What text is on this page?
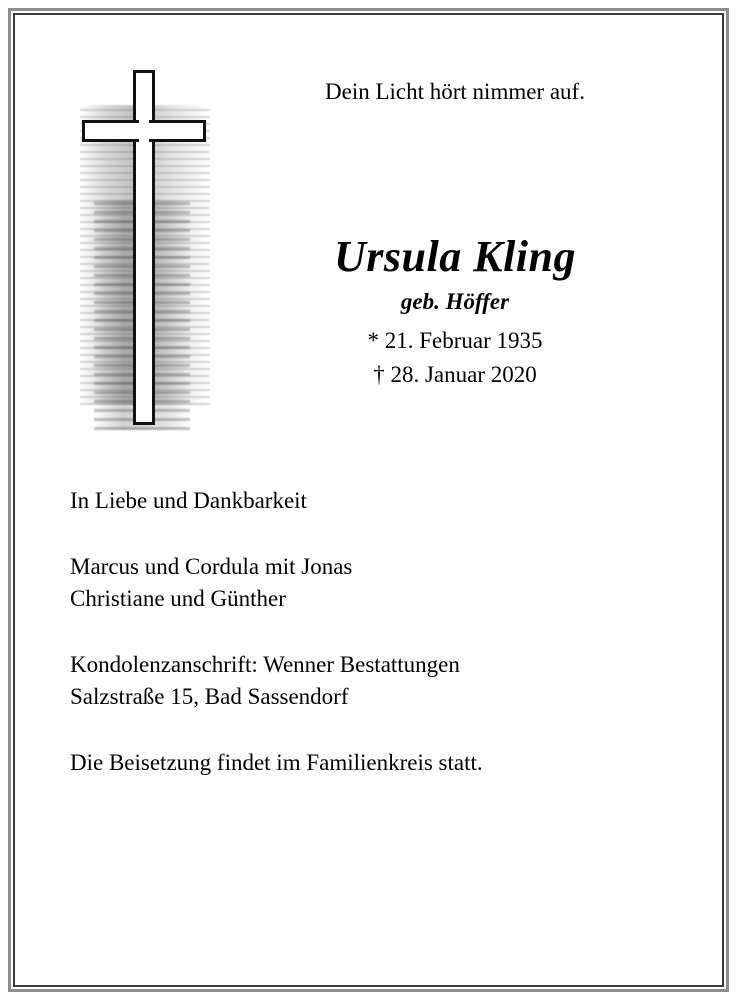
Dein Licht hört nimmer auf.
Ursula Kling
geb. Höffer
* 21. Februar 1935
† 28. Januar 2020
In Liebe und Dankbarkeit
Marcus und Cordula mit Jonas
Christiane und Günther
Kondolenzanschrift: Wenner Bestattungen
Salzstraße 15, Bad Sassendorf
Die Beisetzung findet im Familienkreis statt.
